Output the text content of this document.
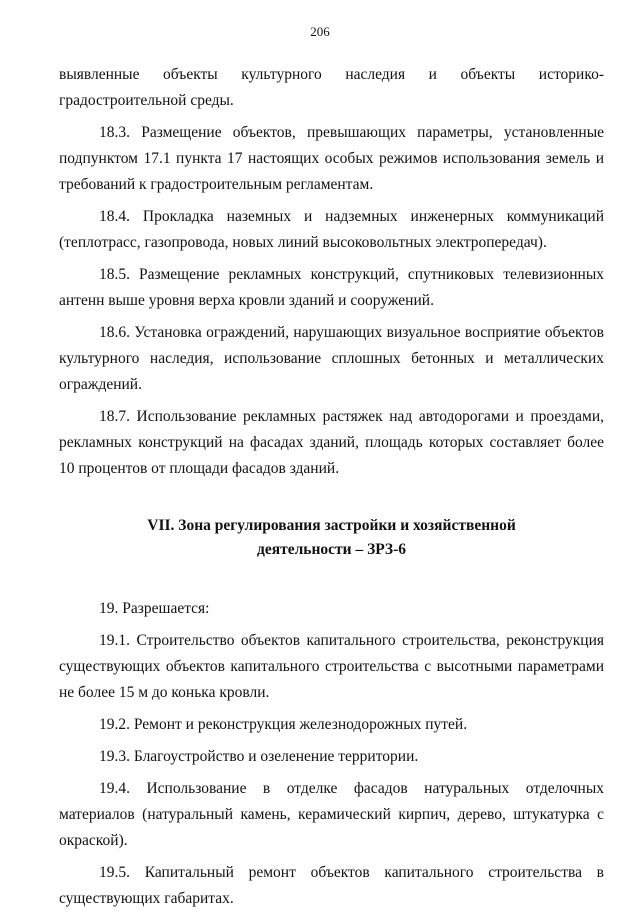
206

выявленные объекты культурного наследия и объекты историко-градостроительной среды.

18.3. Размещение объектов, превышающих параметры, установленные подпунктом 17.1 пункта 17 настоящих особых режимов использования земель и требований к градостроительным регламентам.

18.4. Прокладка наземных и надземных инженерных коммуникаций (теплотрасс, газопровода, новых линий высоковольтных электропередач).

18.5. Размещение рекламных конструкций, спутниковых телевизионных антенн выше уровня верха кровли зданий и сооружений.

18.6. Установка ограждений, нарушающих визуальное восприятие объектов культурного наследия, использование сплошных бетонных и металлических ограждений.

18.7. Использование рекламных растяжек над автодорогами и проездами, рекламных конструкций на фасадах зданий, площадь которых составляет более 10 процентов от площади фасадов зданий.

VII. Зона регулирования застройки и хозяйственной
деятельности – ЗРЗ-6

19. Разрешается:

19.1. Строительство объектов капитального строительства, реконструкция существующих объектов капитального строительства с высотными параметрами не более 15 м до конька кровли.

19.2. Ремонт и реконструкция железнодорожных путей.

19.3. Благоустройство и озеленение территории.

19.4. Использование в отделке фасадов натуральных отделочных материалов (натуральный камень, керамический кирпич, дерево, штукатурка с окраской).

19.5. Капитальный ремонт объектов капитального строительства в существующих габаритах.
